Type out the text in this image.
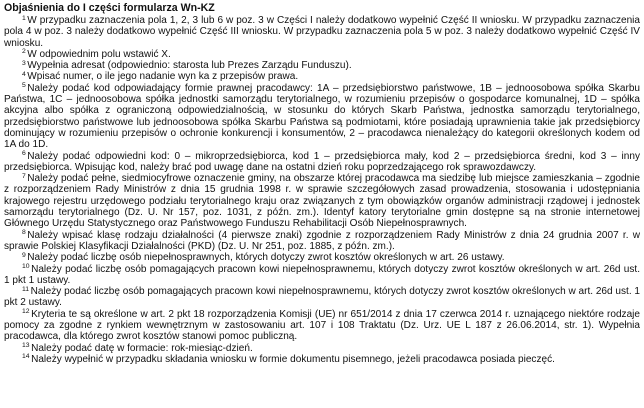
Objaśnienia do I części formularza Wn-KZ

$^1$ W przypadku zaznaczenia pola 1, 2, 3 lub 6 w poz. 3 w Części I należy dodatkowo wypełnić Część II wniosku. W przypadku zaznaczenia pola 4 w poz. 3 należy dodatkowo wypełnić Część III wniosku. W przypadku zaznaczenia pola 5 w poz. 3 należy dodatkowo wypełnić Część IV wniosku.

$^2$ W odpowiednim polu wstawić X.

$^3$ Wypełnia adresat (odpowiednio: starosta lub Prezes Zarządu Funduszu).

$^4$ Wpisać numer, o ile jego nadanie wyn ka z przepisów prawa.

$^5$ Należy podać kod odpowiadający formie prawnej pracodawcy: 1A – przedsiębiorstwo państwowe, 1B – jednoosobowa spółka Skarbu Państwa, 1C – jednoosobowa spółka jednostki samorządu terytorialnego, w rozumieniu przepisów o gospodarce komunalnej, 1D – spółka akcyjna albo spółka z ograniczoną odpowiedzialnością, w stosunku do których Skarb Państwa, jednostka samorządu terytorialnego, przedsiębiorstwo państwowe lub jednoosobowa spółka Skarbu Państwa są podmiotami, które posiadają uprawnienia takie jak przedsiębiorcy dominujący w rozumieniu przepisów o ochronie konkurencji i konsumentów, 2 – pracodawca nienależący do kategorii określonych kodem od 1A do 1D.

$^6$ Należy podać odpowiedni kod: 0 – mikroprzedsiębiorca, kod 1 – przedsiębiorca mały, kod 2 – przedsiębiorca średni, kod 3 – inny przedsiębiorca. Wpisując kod, należy brać pod uwagę dane na ostatni dzień roku poprzedzającego rok sprawozdawczy.

$^7$ Należy podać pełne, siedmiocyfrowe oznaczenie gminy, na obszarze której pracodawca ma siedzibę lub miejsce zamieszkania – zgodnie z rozporządzeniem Rady Ministrów z dnia 15 grudnia 1998 r. w sprawie szczegółowych zasad prowadzenia, stosowania i udostępniania krajowego rejestru urzędowego podziału terytorialnego kraju oraz związanych z tym obowiązków organów administracji rządowej i jednostek samorządu terytorialnego (Dz. U. Nr 157, poz. 1031, z późn. zm.). Identyf katory terytorialne gmin dostępne są na stronie internetowej Głównego Urzędu Statystycznego oraz Państwowego Funduszu Rehabilitacji Osób Niepełnosprawnych.

$^8$ Należy wpisać klasę rodzaju działalności (4 pierwsze znaki) zgodnie z rozporządzeniem Rady Ministrów z dnia 24 grudnia 2007 r. w sprawie Polskiej Klasyfikacji Działalności (PKD) (Dz. U. Nr 251, poz. 1885, z późn. zm.).

$^9$ Należy podać liczbę osób niepełnosprawnych, których dotyczy zwrot kosztów określonych w art. 26 ustawy.

$^{10}$ Należy podać liczbę osób pomagających pracown kowi niepełnosprawnemu, których dotyczy zwrot kosztów określonych w art. 26d ust. 1 pkt 1 ustawy.

$^{11}$ Należy podać liczbę osób pomagających pracown kowi niepełnosprawnemu, których dotyczy zwrot kosztów określonych w art. 26d ust. 1 pkt 2 ustawy.

$^{12}$ Kryteria te są określone w art. 2 pkt 18 rozporządzenia Komisji (UE) nr 651/2014 z dnia 17 czerwca 2014 r. uznającego niektóre rodzaje pomocy za zgodne z rynkiem wewnętrznym w zastosowaniu art. 107 i 108 Traktatu (Dz. Urz. UE L 187 z 26.06.2014, str. 1). Wypełnia pracodawca, dla którego zwrot kosztów stanowi pomoc publiczną.

$^{13}$ Należy podać datę w formacie: rok-miesiąc-dzień.

$^{14}$ Należy wypełnić w przypadku składania wniosku w formie dokumentu pisemnego, jeżeli pracodawca posiada pieczęć.
